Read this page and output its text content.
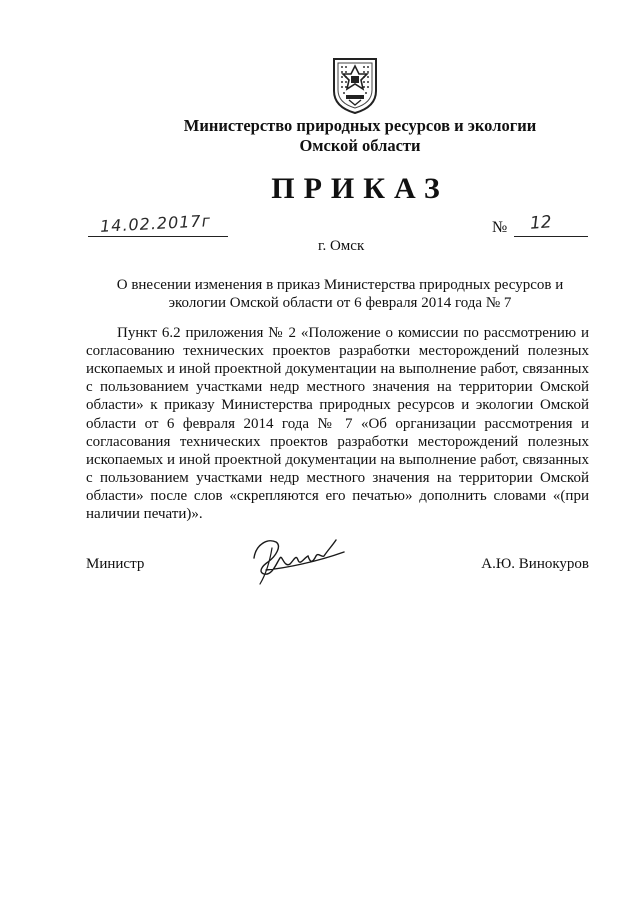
Министерство природных ресурсов и экологии
Омской области
ПРИКАЗ
14.02.2017г	№ 12
г. Омск
О внесении изменения в приказ Министерства природных ресурсов и
экологии Омской области от 6 февраля 2014 года № 7
Пункт 6.2 приложения № 2 «Положение о комиссии по рассмотрению и
согласованию технических проектов разработки месторождений полезных
ископаемых и иной проектной документации на выполнение работ, связанных
с пользованием участками недр местного значения на территории Омской
области» к приказу Министерства природных ресурсов и экологии Омской
области от 6 февраля 2014 года № 7 «Об организации рассмотрения и
согласования технических проектов разработки месторождений полезных
ископаемых и иной проектной документации на выполнение работ, связанных
с пользованием участками недр местного значения на территории Омской
области» после слов «скрепляются его печатью» дополнить словами «(при
наличии печати)».
Министр	А.Ю. Винокуров
